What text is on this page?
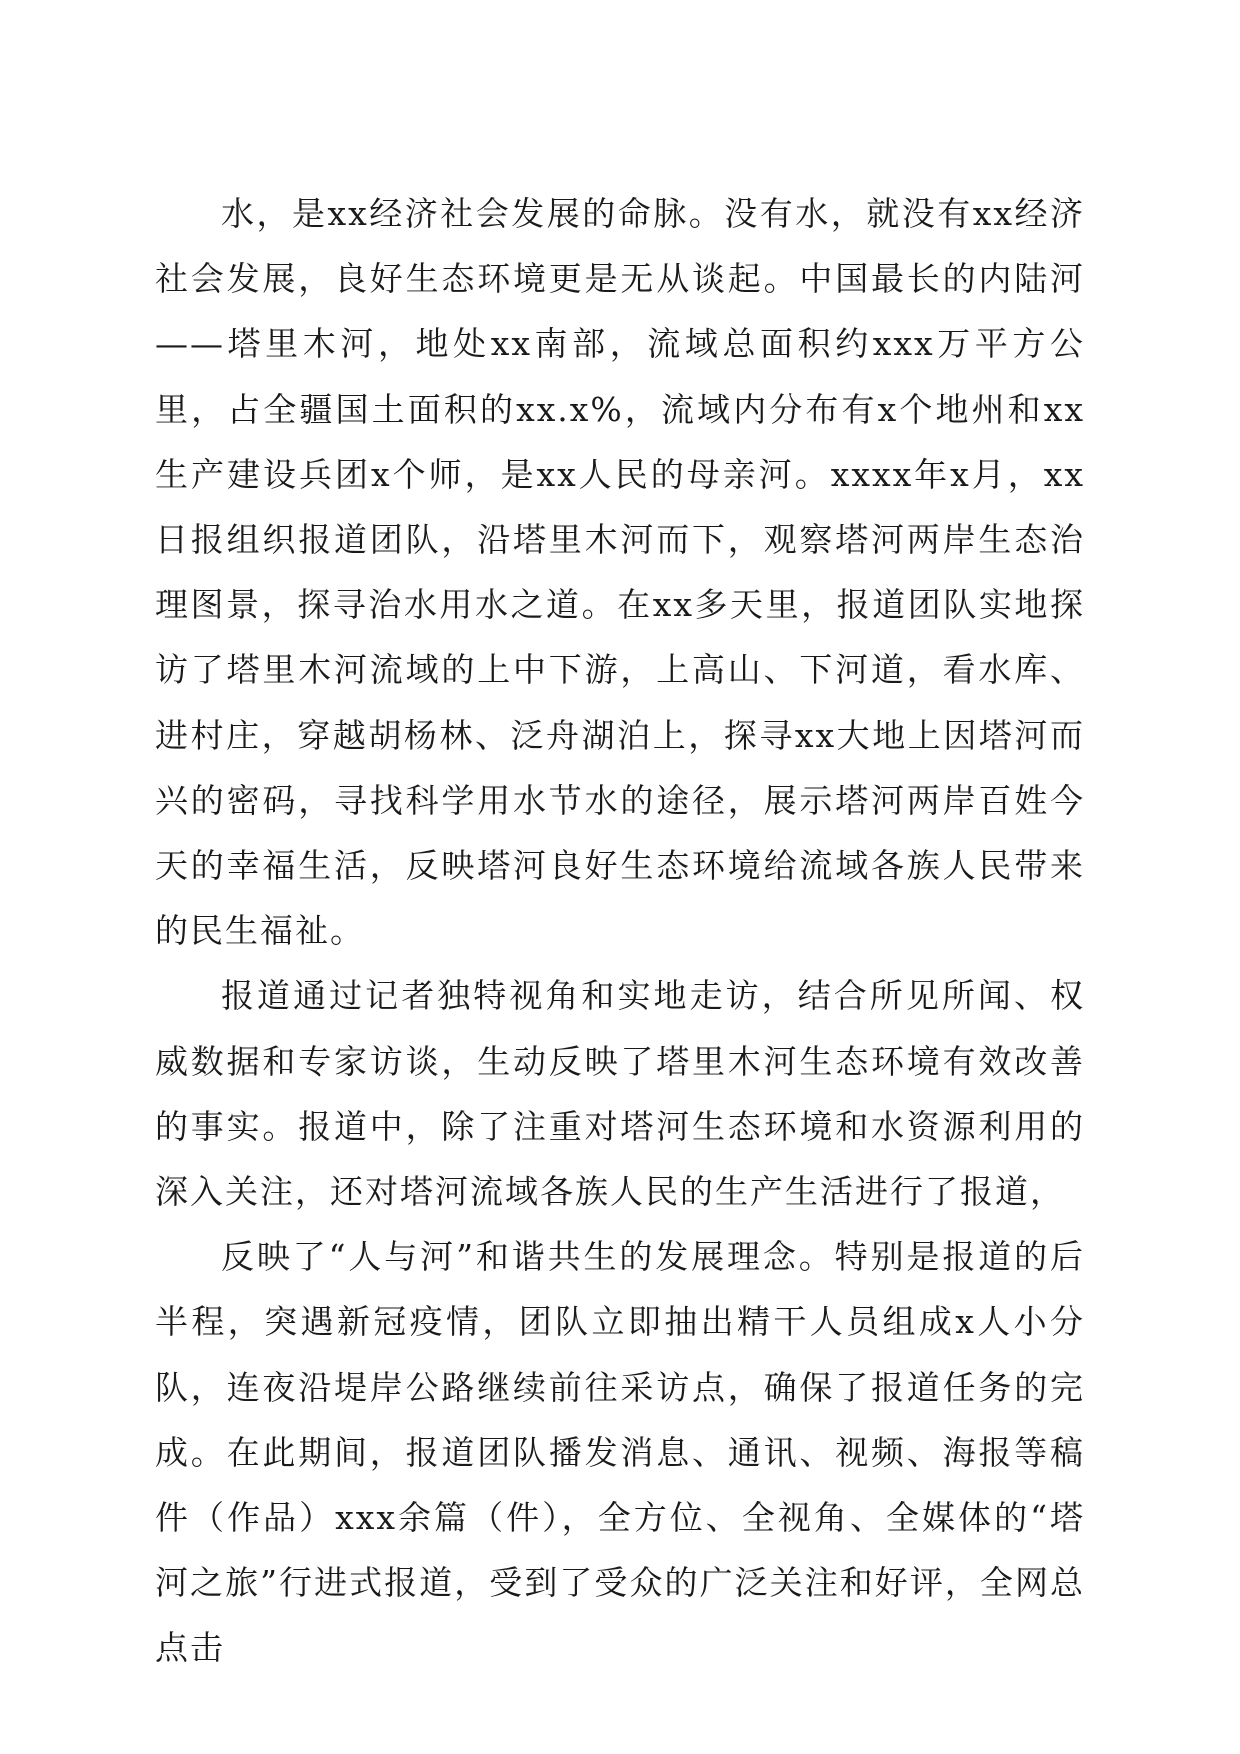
水，是xx经济社会发展的命脉。没有水，就没有xx经济社会发展，良好生态环境更是无从谈起。中国最长的内陆河——塔里木河，地处xx南部，流域总面积约xxx万平方公里，占全疆国土面积的xx.x%，流域内分布有x个地州和xx生产建设兵团x个师，是xx人民的母亲河。xxxx年x月，xx日报组织报道团队，沿塔里木河而下，观察塔河两岸生态治理图景，探寻治水用水之道。在xx多天里，报道团队实地探访了塔里木河流域的上中下游，上高山、下河道，看水库、进村庄，穿越胡杨林、泛舟湖泊上，探寻xx大地上因塔河而兴的密码，寻找科学用水节水的途径，展示塔河两岸百姓今天的幸福生活，反映塔河良好生态环境给流域各族人民带来的民生福祉。

报道通过记者独特视角和实地走访，结合所见所闻、权威数据和专家访谈，生动反映了塔里木河生态环境有效改善的事实。报道中，除了注重对塔河生态环境和水资源利用的深入关注，还对塔河流域各族人民的生产生活进行了报道，

反映了“人与河”和谐共生的发展理念。特别是报道的后半程，突遇新冠疫情，团队立即抽出精干人员组成x人小分队，连夜沿堤岸公路继续前往采访点，确保了报道任务的完成。在此期间，报道团队播发消息、通讯、视频、海报等稿件（作品）xxx余篇（件），全方位、全视角、全媒体的“塔河之旅”行进式报道，受到了受众的广泛关注和好评，全网总点击
